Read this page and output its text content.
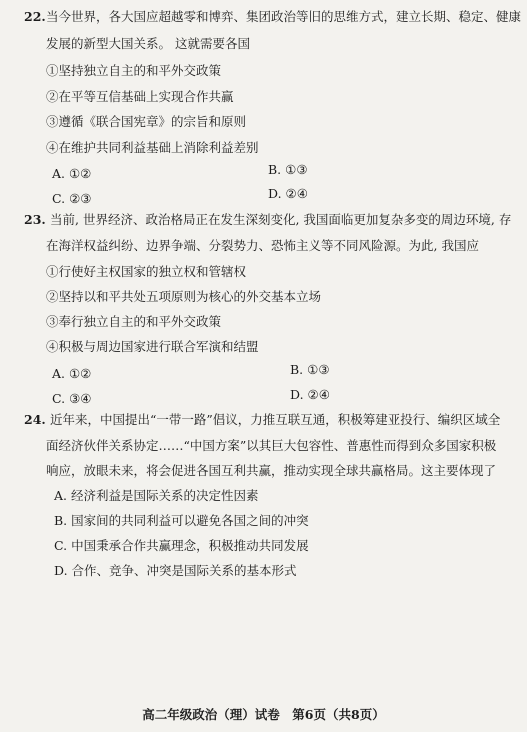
22. 当今世界，各大国应超越零和博弈、集团政治等旧的思维方式，建立长期、稳定、健康
发展的新型大国关系。 这就需要各国
①坚持独立自主的和平外交政策
②在平等互信基础上实现合作共赢
③遵循《联合国宪章》的宗旨和原则
④在维护共同利益基础上消除利益差别
A. ①②	B. ①③
C. ②③	D. ②④
23. 当前, 世界经济、政治格局正在发生深刻变化, 我国面临更加复杂多变的周边环境, 存
在海洋权益纠纷、边界争端、分裂势力、恐怖主义等不同风险源。为此, 我国应
①行使好主权国家的独立权和管辖权
②坚持以和平共处五项原则为核心的外交基本立场
③奉行独立自主的和平外交政策
④积极与周边国家进行联合军演和结盟
A. ①②	B. ①③
C. ③④	D. ②④
24. 近年来，中国提出“一带一路”倡议，力推互联互通，积极筹建亚投行、编织区域全
面经济伙伴关系协定……“中国方案”以其巨大包容性、普惠性而得到众多国家积极
响应，放眼未来，将会促进各国互利共赢，推动实现全球共赢格局。这主要体现了
A. 经济利益是国际关系的决定性因素
B. 国家间的共同利益可以避免各国之间的冲突
C. 中国秉承合作共赢理念，积极推动共同发展
D. 合作、竞争、冲突是国际关系的基本形式
高二年级政治（理）试卷　第6页（共8页）
